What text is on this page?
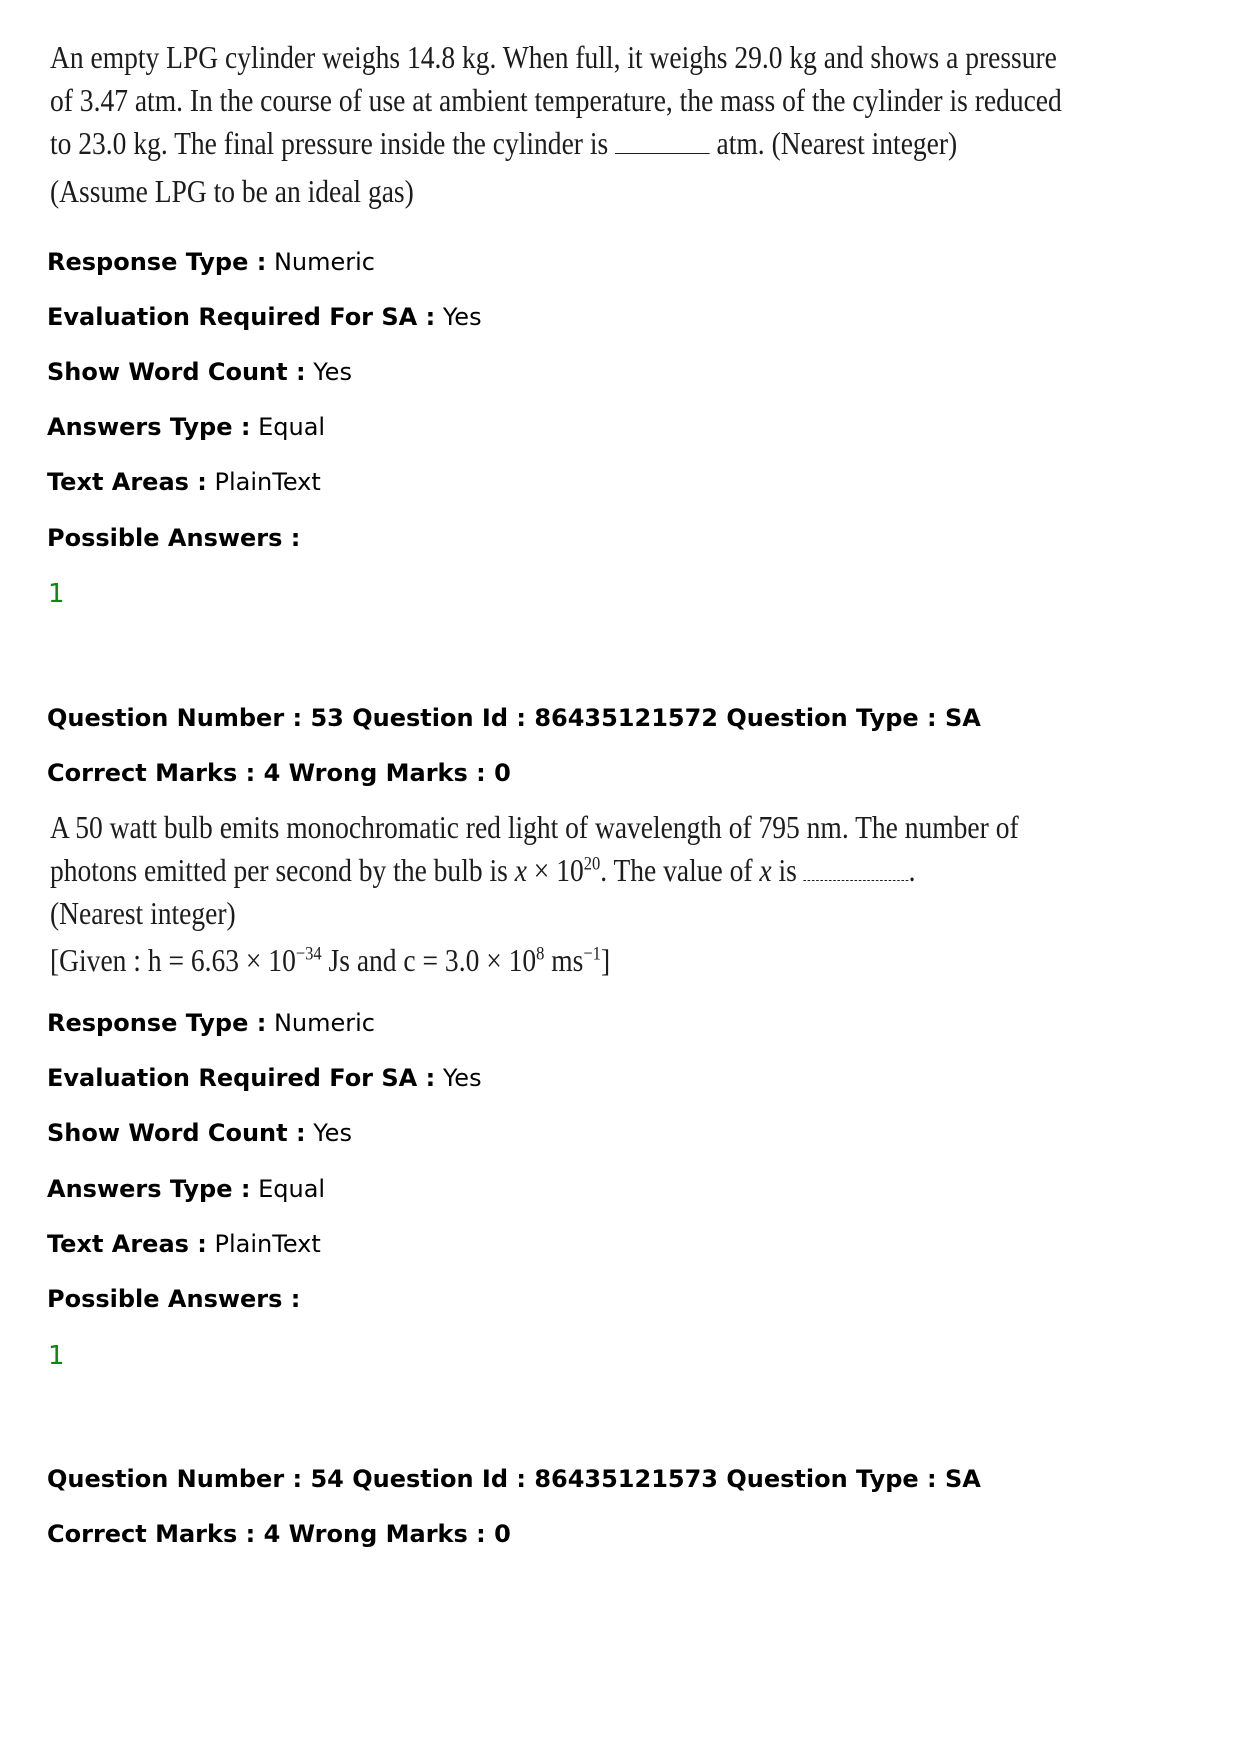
An empty LPG cylinder weighs 14.8 kg. When full, it weighs 29.0 kg and shows a pressure
of 3.47 atm. In the course of use at ambient temperature, the mass of the cylinder is reduced
to 23.0 kg. The final pressure inside the cylinder is	atm. (Nearest integer)
(Assume LPG to be an ideal gas)
Response Type : Numeric
Evaluation Required For SA : Yes
Show Word Count : Yes
Answers Type : Equal
Text Areas : PlainText
Possible Answers :
1
Question Number : 53 Question Id : 86435121572 Question Type : SA
Correct Marks : 4 Wrong Marks : 0
A 50 watt bulb emits monochromatic red light of wavelength of 795 nm. The number of
photons emitted per second by the bulb is $x \times 10^{20}$. The value of x is	.
(Nearest integer)
[Given : $h = 6.63 \times 10^{-34}$ Js and $c = 3.0 \times 10^8$ $ms^{-1}$]
Response Type : Numeric
Evaluation Required For SA : Yes
Show Word Count : Yes
Answers Type : Equal
Text Areas : PlainText
Possible Answers :
1
Question Number : 54 Question Id : 86435121573 Question Type : SA
Correct Marks : 4 Wrong Marks : 0
